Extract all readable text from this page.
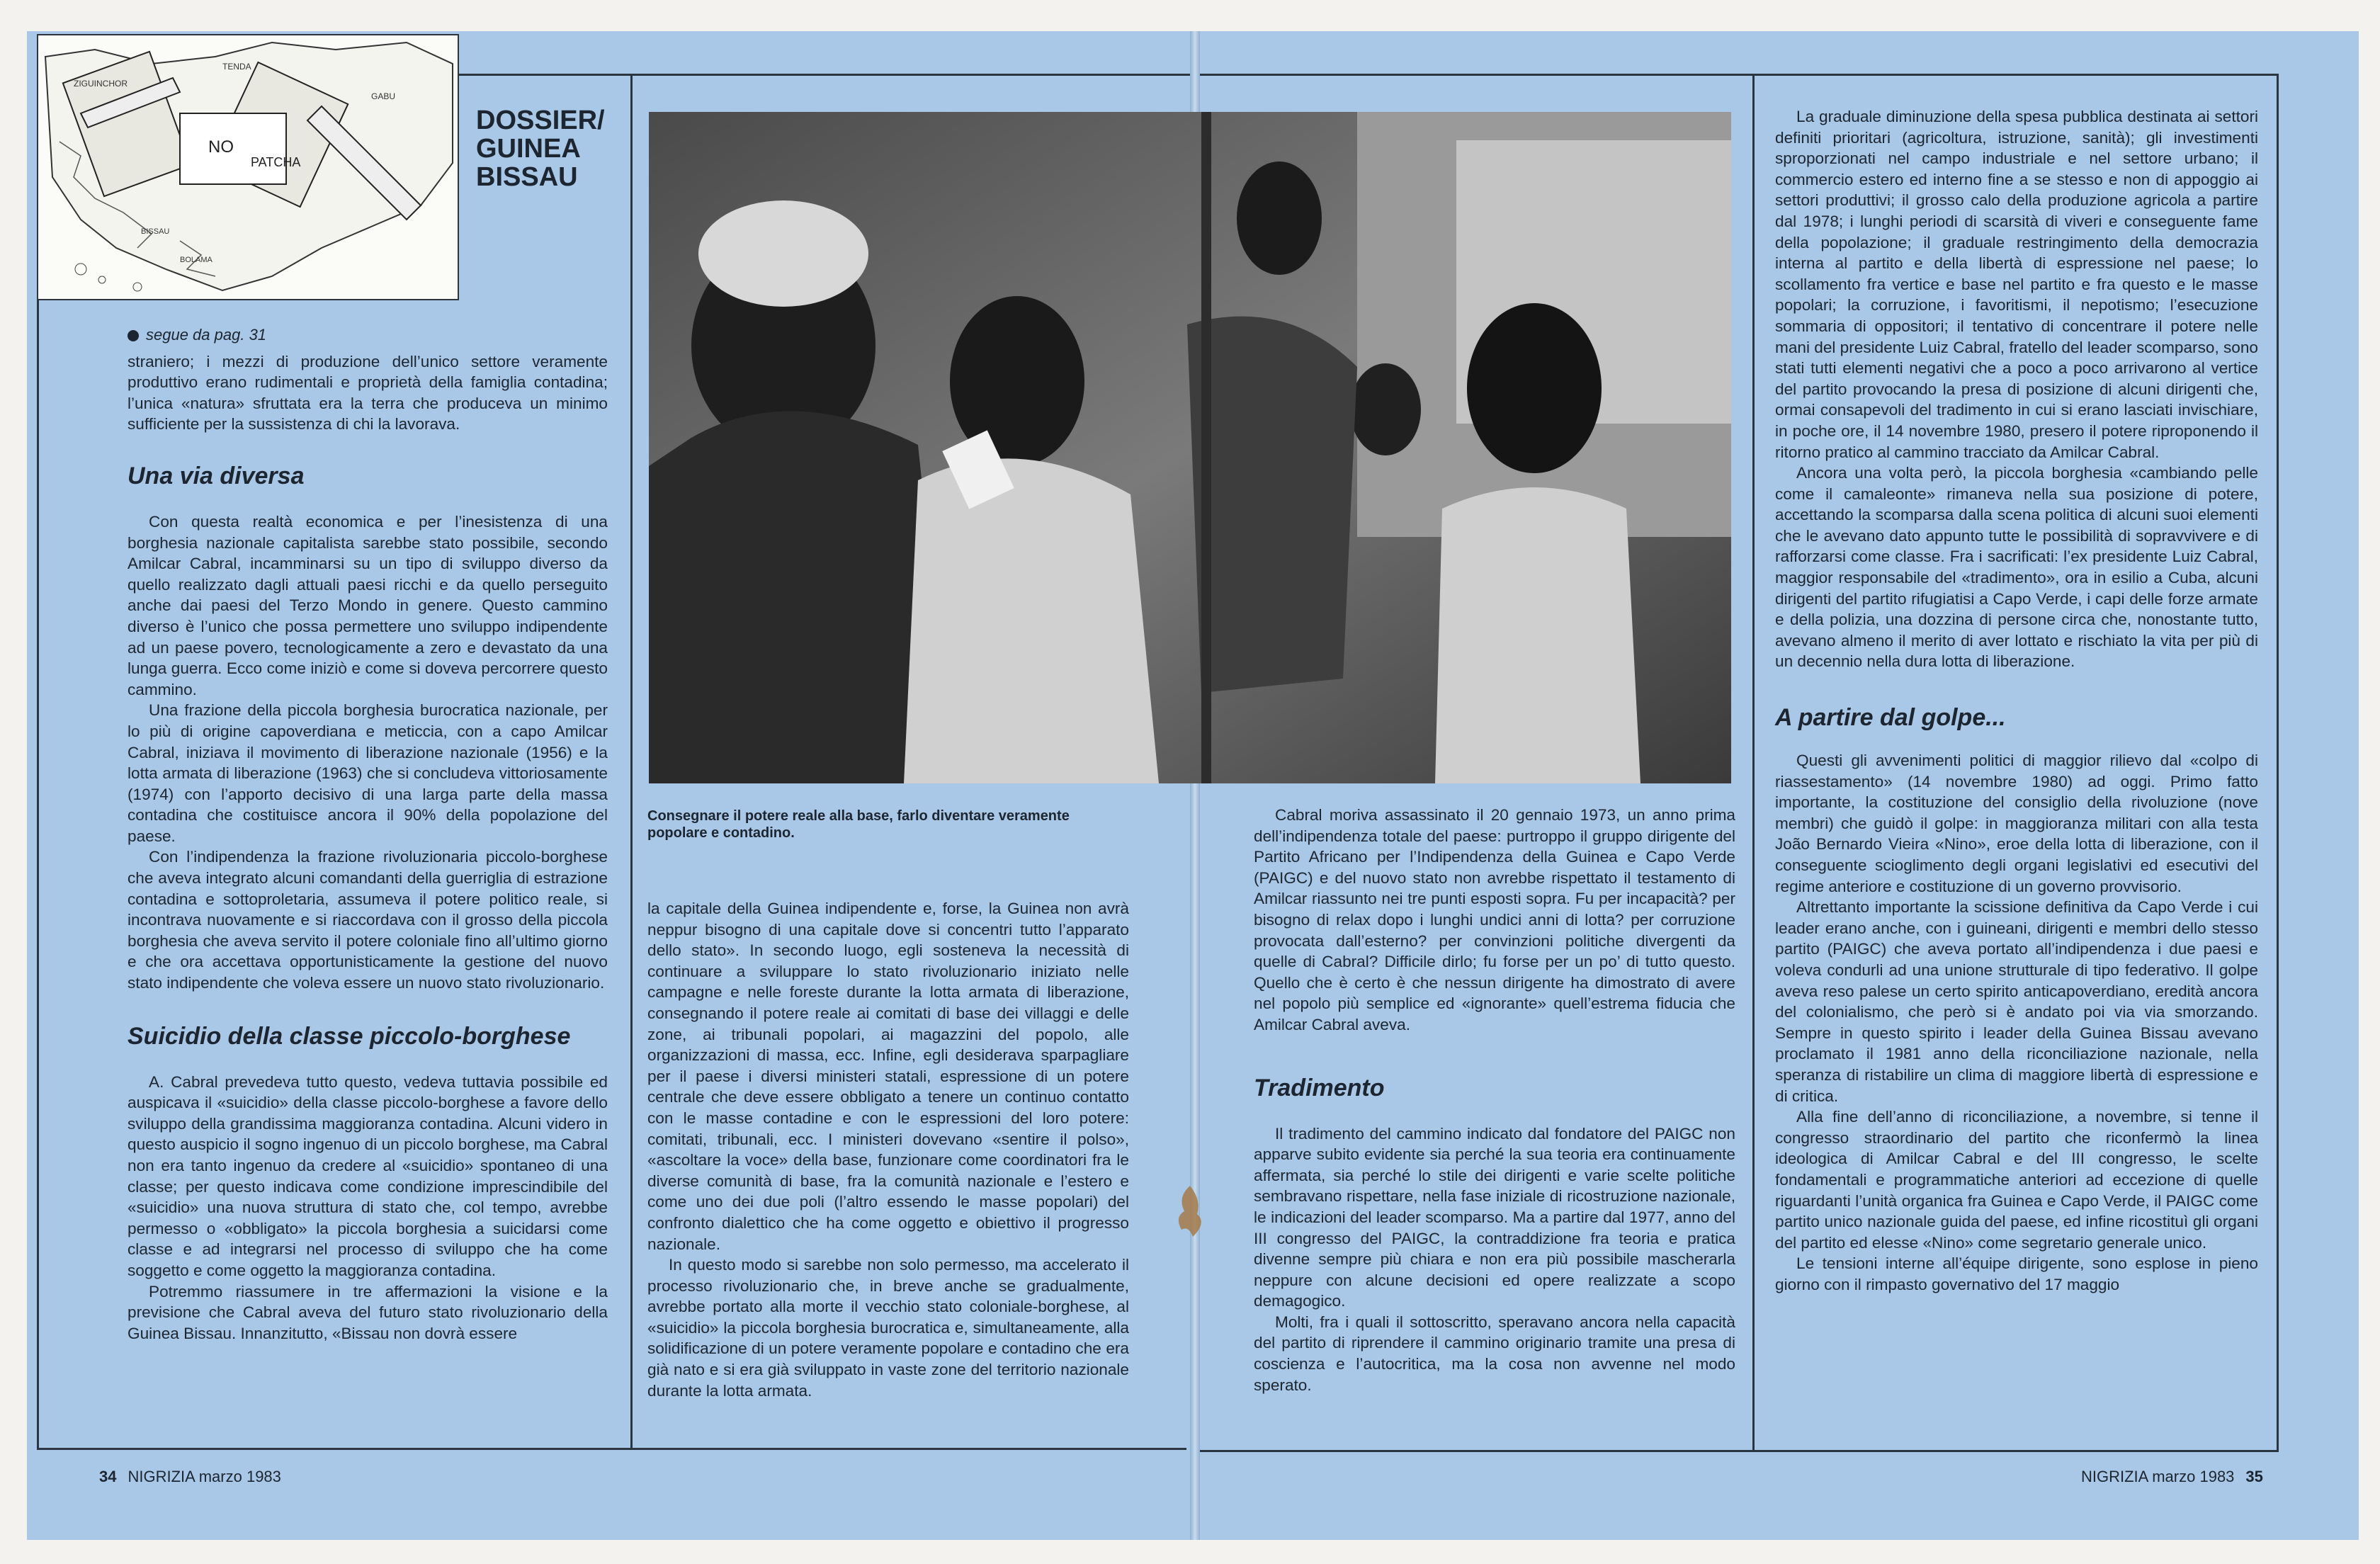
NO
PATCHA
ZIGUINCHOR
TENDA
GABU
BISSAU
BOLAMA
DOSSIER/
GUINEA
BISSAU

segue da pag. 31

straniero; i mezzi di produzione dell’unico settore veramente produttivo erano rudimentali e proprietà della famiglia contadina; l’unica «natura» sfruttata era la terra che produceva un minimo sufficiente per la sussistenza di chi la lavorava.

Una via diversa

Con questa realtà economica e per l’inesistenza di una borghesia nazionale capitalista sarebbe stato possibile, secondo Amilcar Cabral, incamminarsi su un tipo di sviluppo diverso da quello realizzato dagli attuali paesi ricchi e da quello perseguito anche dai paesi del Terzo Mondo in genere. Questo cammino diverso è l’unico che possa permettere uno sviluppo indipendente ad un paese povero, tecnologicamente a zero e devastato da una lunga guerra. Ecco come iniziò e come si doveva percorrere questo cammino.

Una frazione della piccola borghesia burocratica nazionale, per lo più di origine capoverdiana e meticcia, con a capo Amilcar Cabral, iniziava il movimento di liberazione nazionale (1956) e la lotta armata di liberazione (1963) che si concludeva vittoriosamente (1974) con l’apporto decisivo di una larga parte della massa contadina che costituisce ancora il 90% della popolazione del paese.

Con l’indipendenza la frazione rivoluzionaria piccolo-borghese che aveva integrato alcuni comandanti della guerriglia di estrazione contadina e sottoproletaria, assumeva il potere politico reale, si incontrava nuovamente e si riaccordava con il grosso della piccola borghesia che aveva servito il potere coloniale fino all’ultimo giorno e che ora accettava opportunisticamente la gestione del nuovo stato indipendente che voleva essere un nuovo stato rivoluzionario.

Suicidio della classe piccolo-borghese

A. Cabral prevedeva tutto questo, vedeva tuttavia possibile ed auspicava il «suicidio» della classe piccolo-borghese a favore dello sviluppo della grandissima maggioranza contadina. Alcuni videro in questo auspicio il sogno ingenuo di un piccolo borghese, ma Cabral non era tanto ingenuo da credere al «suicidio» spontaneo di una classe; per questo indicava come condizione imprescindibile del «suicidio» una nuova struttura di stato che, col tempo, avrebbe permesso o «obbligato» la piccola borghesia a suicidarsi come classe e ad integrarsi nel processo di sviluppo che ha come soggetto e come oggetto la maggioranza contadina.

Potremmo riassumere in tre affermazioni la visione e la previsione che Cabral aveva del futuro stato rivoluzionario della Guinea Bissau. Innanzitutto, «Bissau non dovrà essere

Consegnare il potere reale alla base, farlo diventare veramente popolare e contadino.

la capitale della Guinea indipendente e, forse, la Guinea non avrà neppur bisogno di una capitale dove si concentri tutto l’apparato dello stato». In secondo luogo, egli sosteneva la necessità di continuare a sviluppare lo stato rivoluzionario iniziato nelle campagne e nelle foreste durante la lotta armata di liberazione, consegnando il potere reale ai comitati di base dei villaggi e delle zone, ai tribunali popolari, ai magazzini del popolo, alle organizzazioni di massa, ecc. Infine, egli desiderava sparpagliare per il paese i diversi ministeri statali, espressione di un potere centrale che deve essere obbligato a tenere un continuo contatto con le masse contadine e con le espressioni del loro potere: comitati, tribunali, ecc. I ministeri dovevano «sentire il polso», «ascoltare la voce» della base, funzionare come coordinatori fra le diverse comunità di base, fra la comunità nazionale e l’estero e come uno dei due poli (l’altro essendo le masse popolari) del confronto dialettico che ha come oggetto e obiettivo il progresso nazionale.

In questo modo si sarebbe non solo permesso, ma accelerato il processo rivoluzionario che, in breve anche se gradualmente, avrebbe portato alla morte il vecchio stato coloniale-borghese, al «suicidio» la piccola borghesia burocratica e, simultaneamente, alla solidificazione di un potere veramente popolare e contadino che era già nato e si era già sviluppato in vaste zone del territorio nazionale durante la lotta armata.

Cabral moriva assassinato il 20 gennaio 1973, un anno prima dell’indipendenza totale del paese: purtroppo il gruppo dirigente del Partito Africano per l’Indipendenza della Guinea e Capo Verde (PAIGC) e del nuovo stato non avrebbe rispettato il testamento di Amilcar riassunto nei tre punti esposti sopra. Fu per incapacità? per bisogno di relax dopo i lunghi undici anni di lotta? per corruzione provocata dall’esterno? per convinzioni politiche divergenti da quelle di Cabral? Difficile dirlo; fu forse per un po’ di tutto questo. Quello che è certo è che nessun dirigente ha dimostrato di avere nel popolo più semplice ed «ignorante» quell’estrema fiducia che Amilcar Cabral aveva.

Tradimento

Il tradimento del cammino indicato dal fondatore del PAIGC non apparve subito evidente sia perché la sua teoria era continuamente affermata, sia perché lo stile dei dirigenti e varie scelte politiche sembravano rispettare, nella fase iniziale di ricostruzione nazionale, le indicazioni del leader scomparso. Ma a partire dal 1977, anno del III congresso del PAIGC, la contraddizione fra teoria e pratica divenne sempre più chiara e non era più possibile mascherarla neppure con alcune decisioni ed opere realizzate a scopo demagogico.

Molti, fra i quali il sottoscritto, speravano ancora nella capacità del partito di riprendere il cammino originario tramite una presa di coscienza e l’autocritica, ma la cosa non avvenne nel modo sperato.

La graduale diminuzione della spesa pubblica destinata ai settori definiti prioritari (agricoltura, istruzione, sanità); gli investimenti sproporzionati nel campo industriale e nel settore urbano; il commercio estero ed interno fine a se stesso e non di appoggio ai settori produttivi; il grosso calo della produzione agricola a partire dal 1978; i lunghi periodi di scarsità di viveri e conseguente fame della popolazione; il graduale restringimento della democrazia interna al partito e della libertà di espressione nel paese; lo scollamento fra vertice e base nel partito e fra questo e le masse popolari; la corruzione, i favoritismi, il nepotismo; l’esecuzione sommaria di oppositori; il tentativo di concentrare il potere nelle mani del presidente Luiz Cabral, fratello del leader scomparso, sono stati tutti elementi negativi che a poco a poco arrivarono al vertice del partito provocando la presa di posizione di alcuni dirigenti che, ormai consapevoli del tradimento in cui si erano lasciati invischiare, in poche ore, il 14 novembre 1980, presero il potere riproponendo il ritorno pratico al cammino tracciato da Amilcar Cabral.

Ancora una volta però, la piccola borghesia «cambiando pelle come il camaleonte» rimaneva nella sua posizione di potere, accettando la scomparsa dalla scena politica di alcuni suoi elementi che le avevano dato appunto tutte le possibilità di sopravvivere e di rafforzarsi come classe. Fra i sacrificati: l’ex presidente Luiz Cabral, maggior responsabile del «tradimento», ora in esilio a Cuba, alcuni dirigenti del partito rifugiatisi a Capo Verde, i capi delle forze armate e della polizia, una dozzina di persone circa che, nonostante tutto, avevano almeno il merito di aver lottato e rischiato la vita per più di un decennio nella dura lotta di liberazione.

A partire dal golpe...

Questi gli avvenimenti politici di maggior rilievo dal «colpo di riassestamento» (14 novembre 1980) ad oggi. Primo fatto importante, la costituzione del consiglio della rivoluzione (nove membri) che guidò il golpe: in maggioranza militari con alla testa João Bernardo Vieira «Nino», eroe della lotta di liberazione, con il conseguente scioglimento degli organi legislativi ed esecutivi del regime anteriore e costituzione di un governo provvisorio.

Altrettanto importante la scissione definitiva da Capo Verde i cui leader erano anche, con i guineani, dirigenti e membri dello stesso partito (PAIGC) che aveva portato all’indipendenza i due paesi e voleva condurli ad una unione strutturale di tipo federativo. Il golpe aveva reso palese un certo spirito anticapoverdiano, eredità ancora del colonialismo, che però si è andato poi via via smorzando. Sempre in questo spirito i leader della Guinea Bissau avevano proclamato il 1981 anno della riconciliazione nazionale, nella speranza di ristabilire un clima di maggiore libertà di espressione e di critica.

Alla fine dell’anno di riconciliazione, a novembre, si tenne il congresso straordinario del partito che riconfermò la linea ideologica di Amilcar Cabral e del III congresso, le scelte fondamentali e programmatiche anteriori ad eccezione di quelle riguardanti l’unità organica fra Guinea e Capo Verde, il PAIGC come partito unico nazionale guida del paese, ed infine ricostituì gli organi del partito ed elesse «Nino» come segretario generale unico.

Le tensioni interne all’équipe dirigente, sono esplose in pieno giorno con il rimpasto governativo del 17 maggio

34 NIGRIZIA marzo 1983	NIGRIZIA marzo 1983 35
